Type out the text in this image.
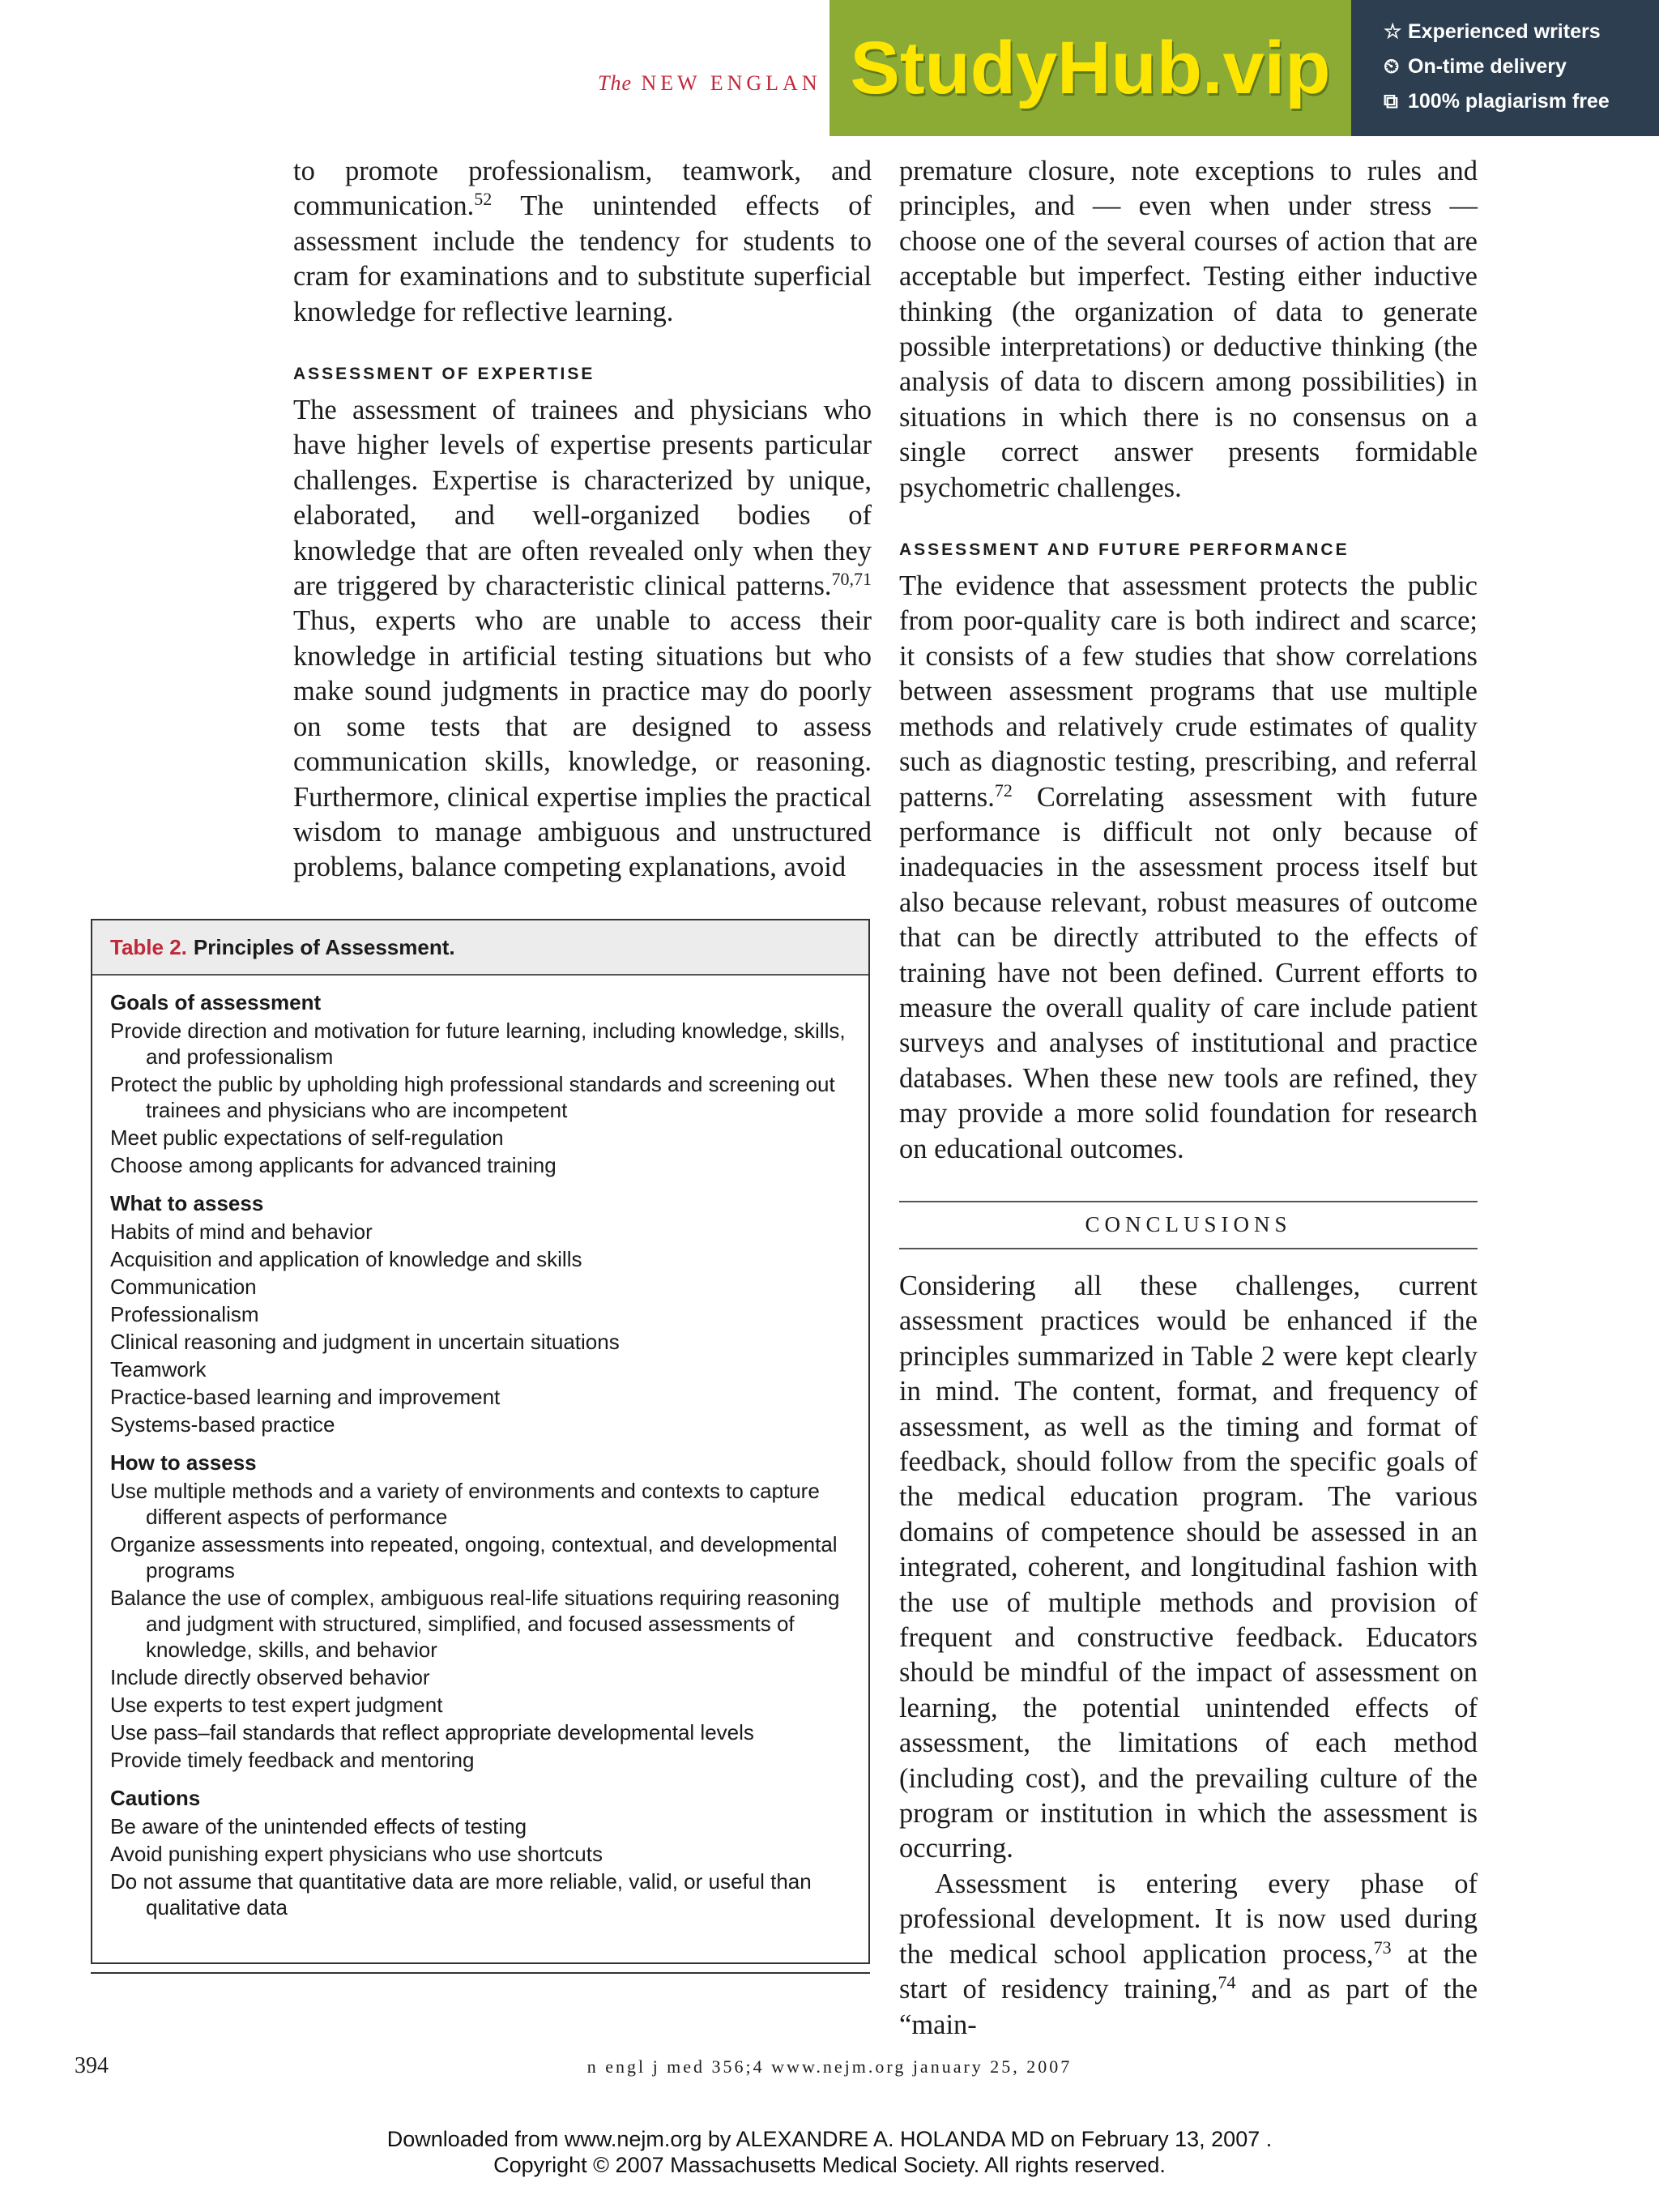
The NEW ENGLAN StudyHub.vip	☆ Experienced writers
⏲ On-time delivery
⧉ 100% plagiarism free

to promote professionalism, teamwork, and communication.$^{52}$ The unintended effects of assessment include the tendency for students to cram for examinations and to substitute superficial knowledge for reflective learning.

ASSESSMENT OF EXPERTISE

The assessment of trainees and physicians who have higher levels of expertise presents particular challenges. Expertise is characterized by unique, elaborated, and well-organized bodies of knowledge that are often revealed only when they are triggered by characteristic clinical patterns.$^{70,71}$ Thus, experts who are unable to access their knowledge in artificial testing situations but who make sound judgments in practice may do poorly on some tests that are designed to assess communication skills, knowledge, or reasoning. Furthermore, clinical expertise implies the practical wisdom to manage ambiguous and unstructured problems, balance competing explanations, avoid

premature closure, note exceptions to rules and principles, and — even when under stress — choose one of the several courses of action that are acceptable but imperfect. Testing either inductive thinking (the organization of data to generate possible interpretations) or deductive thinking (the analysis of data to discern among possibilities) in situations in which there is no consensus on a single correct answer presents formidable psychometric challenges.

ASSESSMENT AND FUTURE PERFORMANCE

The evidence that assessment protects the public from poor-quality care is both indirect and scarce; it consists of a few studies that show correlations between assessment programs that use multiple methods and relatively crude estimates of quality such as diagnostic testing, prescribing, and referral patterns.$^{72}$ Correlating assessment with future performance is difficult not only because of inadequacies in the assessment process itself but also because relevant, robust measures of outcome that can be directly attributed to the effects of training have not been defined. Current efforts to measure the overall quality of care include patient surveys and analyses of institutional and practice databases. When these new tools are refined, they may provide a more solid foundation for research on educational outcomes.

CONCLUSIONS

Considering all these challenges, current assessment practices would be enhanced if the principles summarized in Table 2 were kept clearly in mind. The content, format, and frequency of assessment, as well as the timing and format of feedback, should follow from the specific goals of the medical education program. The various domains of competence should be assessed in an integrated, coherent, and longitudinal fashion with the use of multiple methods and provision of frequent and constructive feedback. Educators should be mindful of the impact of assessment on learning, the potential unintended effects of assessment, the limitations of each method (including cost), and the prevailing culture of the program or institution in which the assessment is occurring.

Assessment is entering every phase of professional development. It is now used during the medical school application process,$^{73}$ at the start of residency training,$^{74}$ and as part of the “main-

Table 2. Principles of Assessment.
Goals of assessment
Provide direction and motivation for future learning, including knowledge, skills, and professionalism
Protect the public by upholding high professional standards and screening out trainees and physicians who are incompetent
Meet public expectations of self-regulation
Choose among applicants for advanced training
What to assess
Habits of mind and behavior
Acquisition and application of knowledge and skills
Communication
Professionalism
Clinical reasoning and judgment in uncertain situations
Teamwork
Practice-based learning and improvement
Systems-based practice
How to assess
Use multiple methods and a variety of environments and contexts to capture different aspects of performance
Organize assessments into repeated, ongoing, contextual, and developmental programs
Balance the use of complex, ambiguous real-life situations requiring reasoning and judgment with structured, simplified, and focused assessments of knowledge, skills, and behavior
Include directly observed behavior
Use experts to test expert judgment
Use pass–fail standards that reflect appropriate developmental levels
Provide timely feedback and mentoring
Cautions
Be aware of the unintended effects of testing
Avoid punishing expert physicians who use shortcuts
Do not assume that quantitative data are more reliable, valid, or useful than qualitative data
394	n engl j med 356;4 www.nejm.org january 25, 2007
Downloaded from www.nejm.org by ALEXANDRE A. HOLANDA MD on February 13, 2007 .
Copyright © 2007 Massachusetts Medical Society. All rights reserved.
